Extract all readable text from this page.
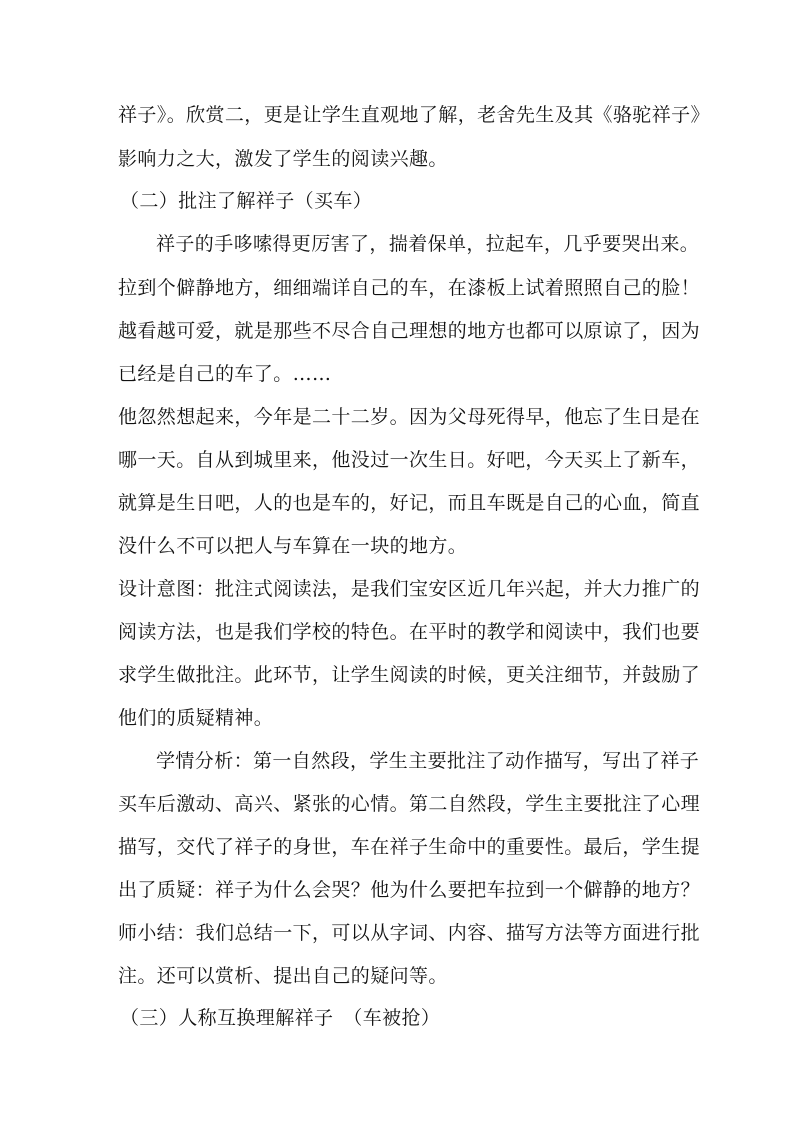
祥子》。欣赏二，更是让学生直观地了解，老舍先生及其《骆驼祥子》

影响力之大，激发了学生的阅读兴趣。

（二）批注了解祥子（买车）

祥子的手哆嗦得更厉害了，揣着保单，拉起车，几乎要哭出来。

拉到个僻静地方，细细端详自己的车，在漆板上试着照照自己的脸！

越看越可爱，就是那些不尽合自己理想的地方也都可以原谅了，因为

已经是自己的车了。……

他忽然想起来，今年是二十二岁。因为父母死得早，他忘了生日是在

哪一天。自从到城里来，他没过一次生日。好吧，今天买上了新车，

就算是生日吧，人的也是车的，好记，而且车既是自己的心血，简直

没什么不可以把人与车算在一块的地方。

设计意图：批注式阅读法，是我们宝安区近几年兴起，并大力推广的

阅读方法，也是我们学校的特色。在平时的教学和阅读中，我们也要

求学生做批注。此环节，让学生阅读的时候，更关注细节，并鼓励了

他们的质疑精神。

学情分析：第一自然段，学生主要批注了动作描写，写出了祥子

买车后激动、高兴、紧张的心情。第二自然段，学生主要批注了心理

描写，交代了祥子的身世，车在祥子生命中的重要性。最后，学生提

出了质疑：祥子为什么会哭？他为什么要把车拉到一个僻静的地方？

师小结：我们总结一下，可以从字词、内容、描写方法等方面进行批

注。还可以赏析、提出自己的疑问等。

（三）人称互换理解祥子　（车被抢）
